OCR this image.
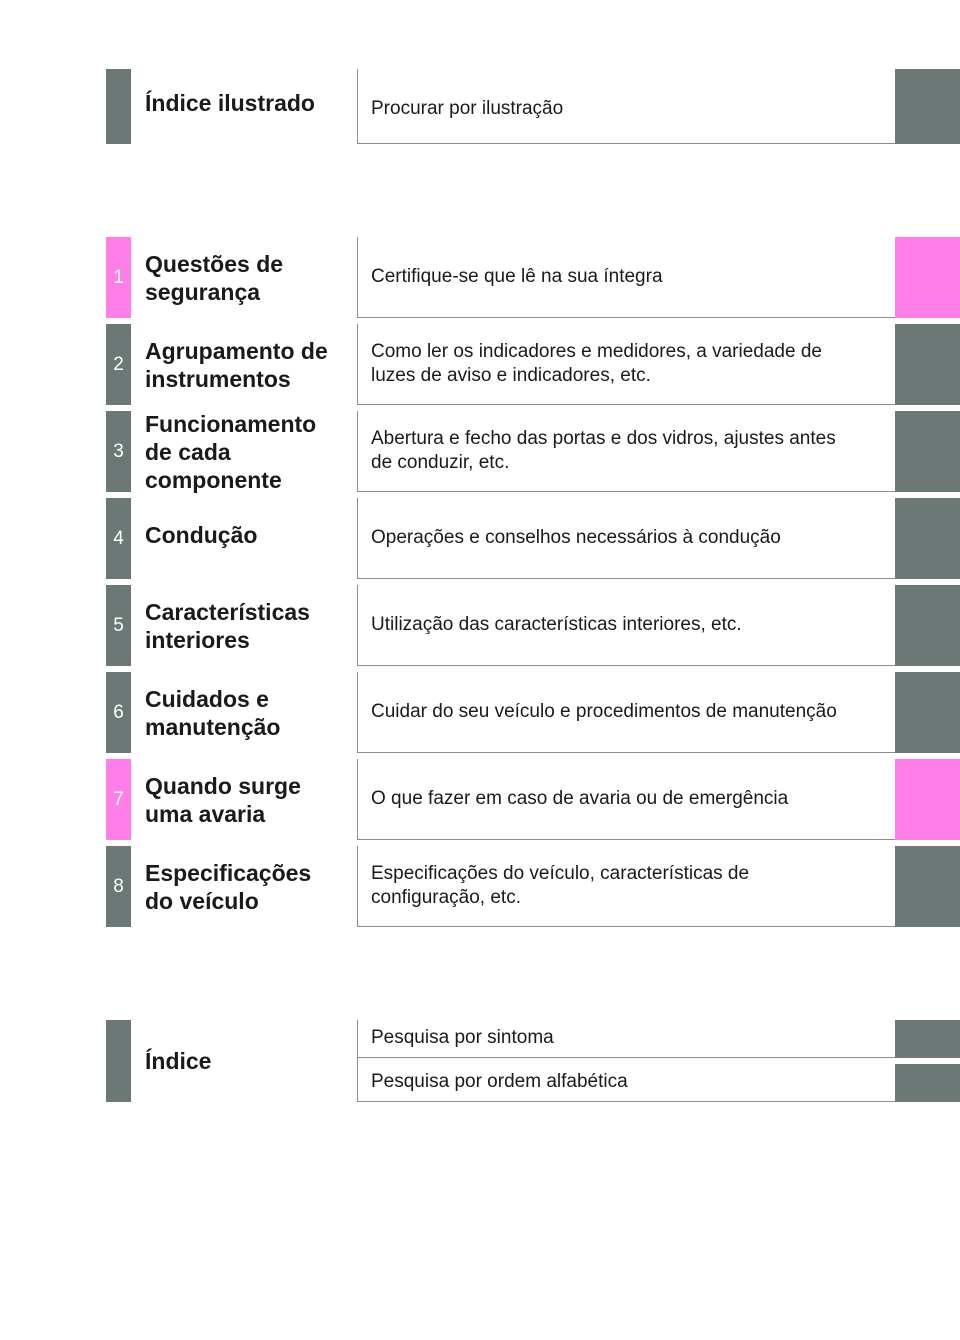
Índice ilustrado	Procurar por ilustração
1
Questões de
segurança
Certifique-se que lê na sua íntegra
2
Agrupamento de
instrumentos
Como ler os indicadores e medidores, a variedade de
luzes de aviso e indicadores, etc.
3
Funcionamento
de cada
componente
Abertura e fecho das portas e dos vidros, ajustes antes
de conduzir, etc.
4 Condução	Operações e conselhos necessários à condução
5
Características
interiores
Utilização das características interiores, etc.
6
Cuidados e
manutenção
Cuidar do seu veículo e procedimentos de manutenção
7
Quando surge
uma avaria
O que fazer em caso de avaria ou de emergência
8
Especificações
do veículo
Especificações do veículo, características de
configuração, etc.
Índice
Pesquisa por sintoma
Pesquisa por ordem alfabética
